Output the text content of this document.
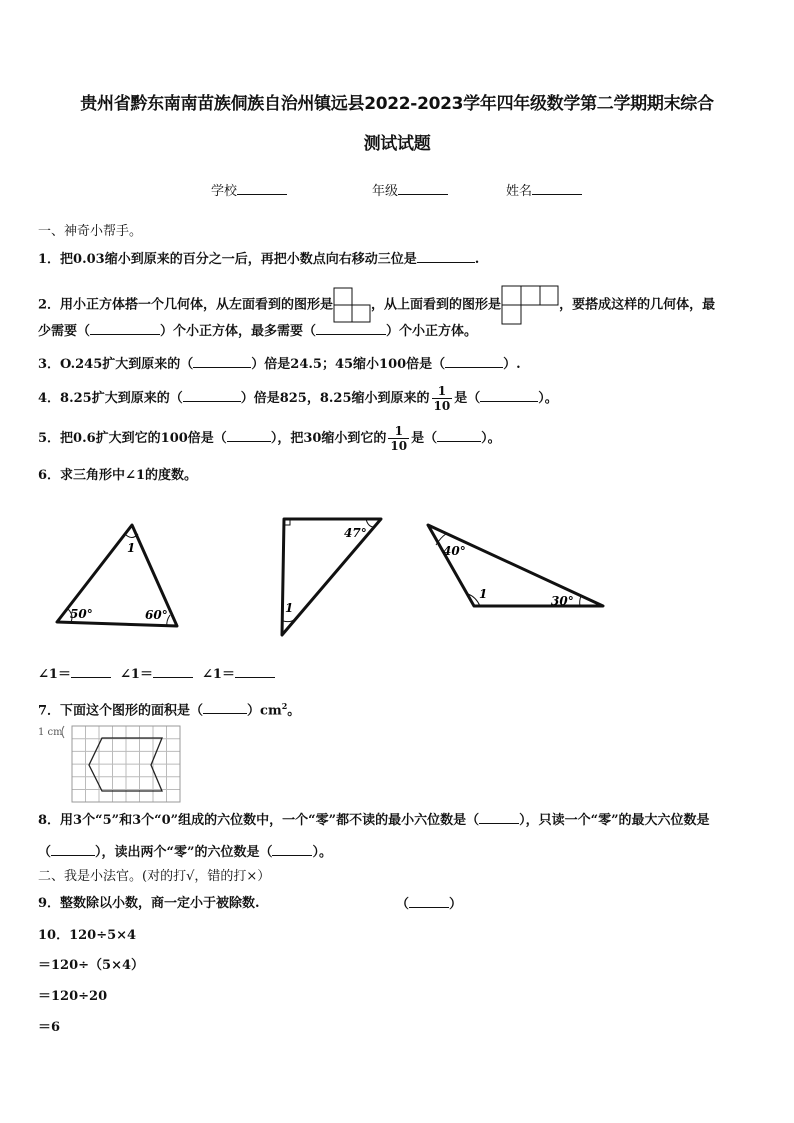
贵州省黔东南南苗族侗族自治州镇远县2022-2023学年四年级数学第二学期期末综合
测试试题
学校	年级	姓名
一、神奇小帮手。
1．把0.03缩小到原来的百分之一后，再把小数点向右移动三位是	.
2．用小正方体搭一个几何体，从左面看到的图形是	，从上面看到的图形是	，要搭成这样的几何体，最
少需要（	）个小正方体，最多需要（	）个小正方体。
3．O.245扩大到原来的（	）倍是24.5；45缩小100倍是（	）.
4．8.25扩大到原来的（	）倍是825，8.25缩小到原来的 $\frac{1}{10}$ 是（	）。
5．把0.6扩大到它的100倍是（	），把30缩小到它的 $\frac{1}{10}$ 是（	）。
6．求三角形中∠1的度数。
1
50°	60°
47°
1
40°
1	30°
∠1＝	∠1＝	∠1＝
7．下面这个图形的面积是（	）$cm^2$。
1 cm
8．用3个“5”和3个“0”组成的六位数中，一个“零”都不读的最小六位数是（	），只读一个“零”的最大六位数是
（	），读出两个“零”的六位数是（	）。
二、我是小法官。(对的打√，错的打×）
9．整数除以小数，商一定小于被除数.	（	）
10．120÷5×4
＝120÷（5×4）
＝120÷20
＝6
